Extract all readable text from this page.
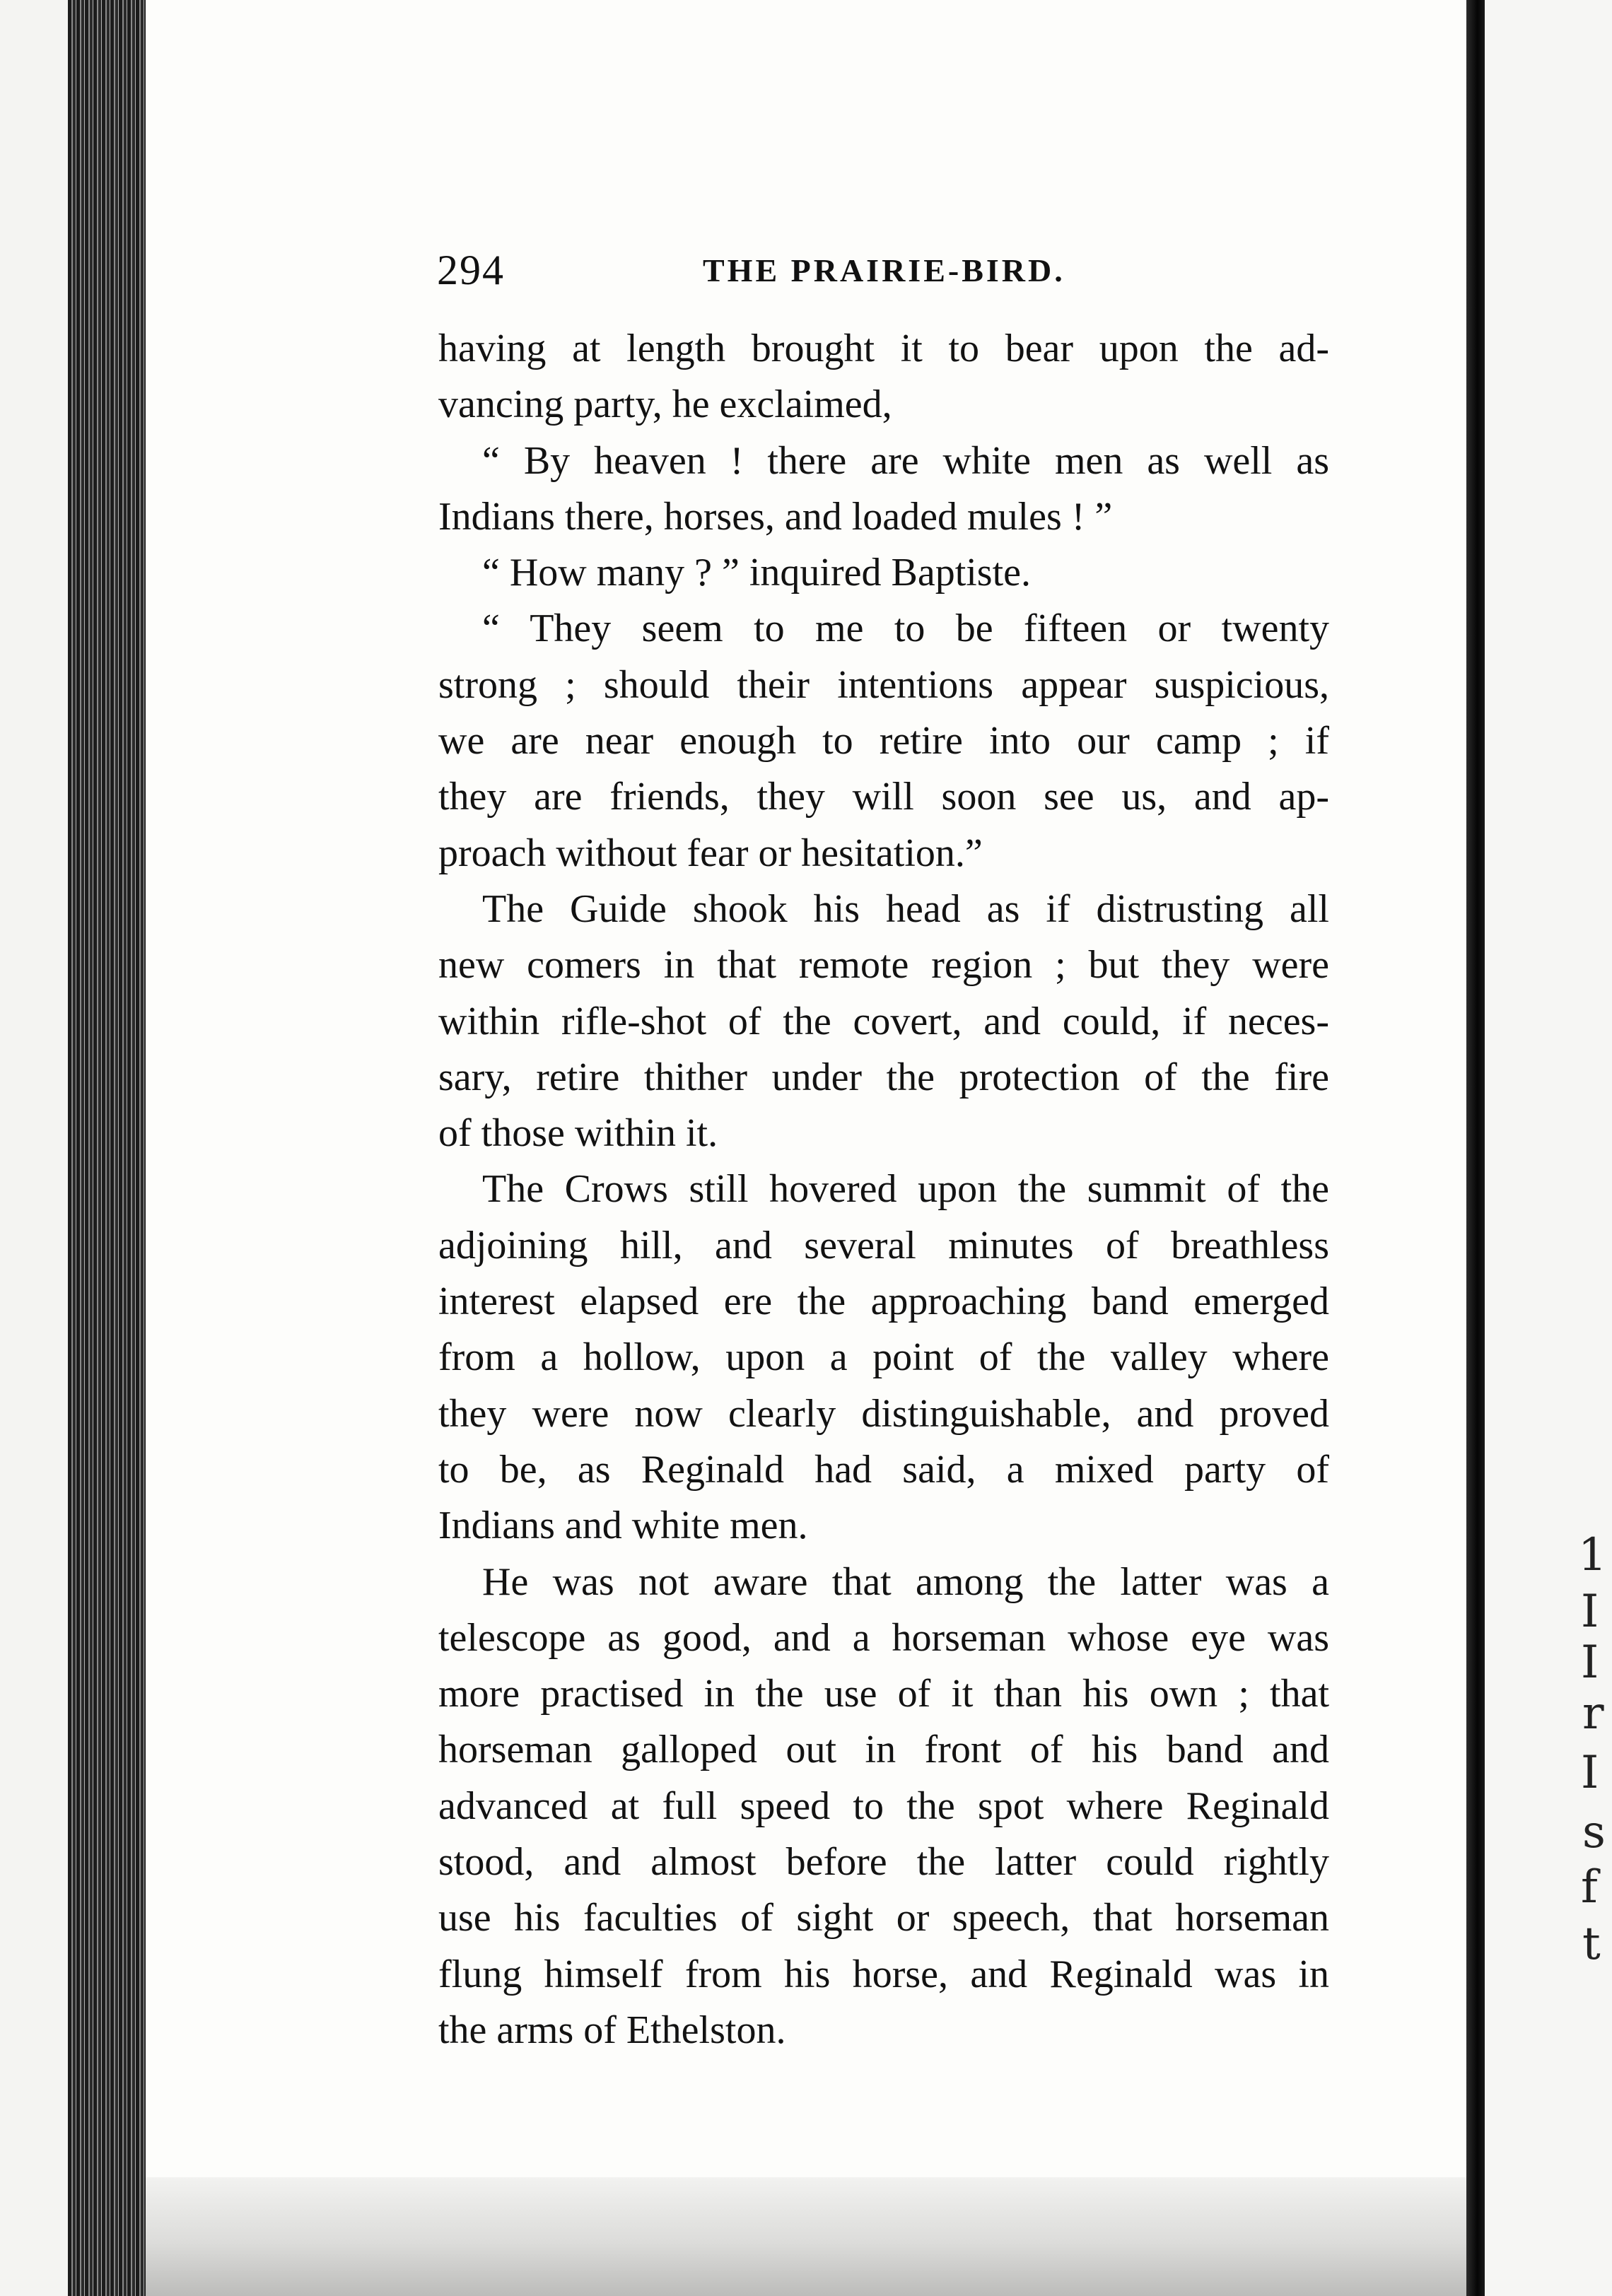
294	THE PRAIRIE-BIRD.
having at length brought it to bear upon the ad-
vancing party, he exclaimed,
“ By heaven ! there are white men as well as
Indians there, horses, and loaded mules ! ”
“ How many ? ” inquired Baptiste.
“ They seem to me to be fifteen or twenty
strong ; should their intentions appear suspicious,
we are near enough to retire into our camp ; if
they are friends, they will soon see us, and ap-
proach without fear or hesitation.”
The Guide shook his head as if distrusting all
new comers in that remote region ; but they were
within rifle-shot of the covert, and could, if neces-
sary, retire thither under the protection of the fire
of those within it.
The Crows still hovered upon the summit of the
adjoining hill, and several minutes of breathless
interest elapsed ere the approaching band emerged
from a hollow, upon a point of the valley where
they were now clearly distinguishable, and proved
to be, as Reginald had said, a mixed party of
Indians and white men.
He was not aware that among the latter was a
telescope as good, and a horseman whose eye was
more practised in the use of it than his own ; that
horseman galloped out in front of his band and
advanced at full speed to the spot where Reginald
stood, and almost before the latter could rightly
use his faculties of sight or speech, that horseman
flung himself from his horse, and Reginald was in
the arms of Ethelston.
1
I
I
r
I
s
f
t
